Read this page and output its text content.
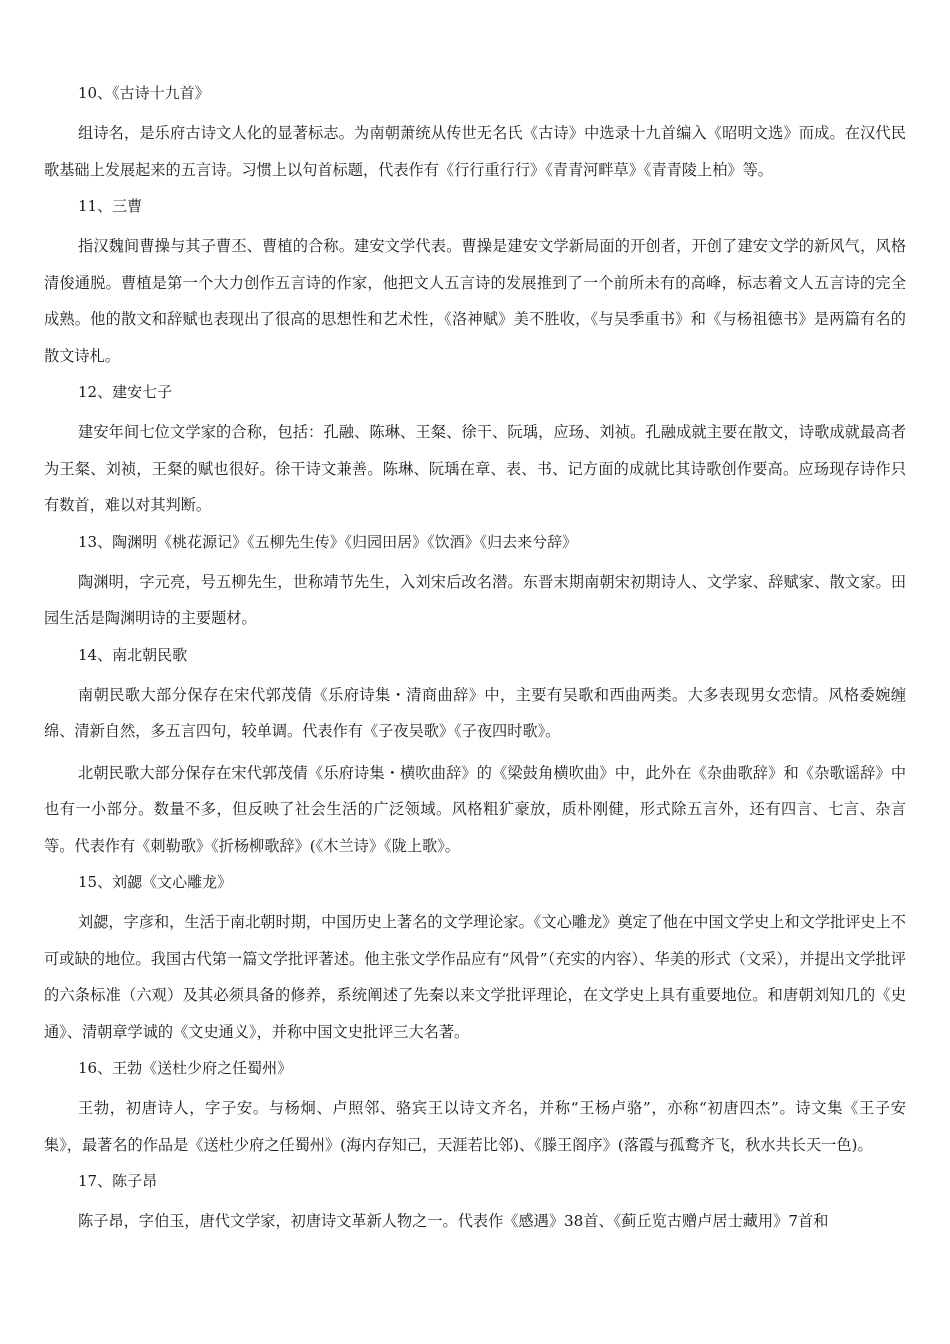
10、《古诗十九首》

组诗名，是乐府古诗文人化的显著标志。为南朝萧统从传世无名氏《古诗》中选录十九首编入《昭明文选》而成。在汉代民歌基础上发展起来的五言诗。习惯上以句首标题，代表作有《行行重行行》《青青河畔草》《青青陵上柏》等。

11、三曹

指汉魏间曹操与其子曹丕、曹植的合称。建安文学代表。曹操是建安文学新局面的开创者，开创了建安文学的新风气，风格清俊通脱。曹植是第一个大力创作五言诗的作家，他把文人五言诗的发展推到了一个前所未有的高峰，标志着文人五言诗的完全成熟。他的散文和辞赋也表现出了很高的思想性和艺术性，《洛神赋》美不胜收，《与吴季重书》和《与杨祖德书》是两篇有名的散文诗札。

12、建安七子

建安年间七位文学家的合称，包括：孔融、陈琳、王粲、徐干、阮瑀，应玚、刘祯。孔融成就主要在散文，诗歌成就最高者为王粲、刘祯，王粲的赋也很好。徐干诗文兼善。陈琳、阮瑀在章、表、书、记方面的成就比其诗歌创作要高。应玚现存诗作只有数首，难以对其判断。

13、陶渊明《桃花源记》《五柳先生传》《归园田居》《饮酒》《归去来兮辞》

陶渊明，字元亮，号五柳先生，世称靖节先生，入刘宋后改名潜。东晋末期南朝宋初期诗人、文学家、辞赋家、散文家。田园生活是陶渊明诗的主要题材。

14、南北朝民歌

南朝民歌大部分保存在宋代郭茂倩《乐府诗集・清商曲辞》中，主要有吴歌和西曲两类。大多表现男女恋情。风格委婉缠绵、清新自然，多五言四句，较单调。代表作有《子夜吴歌》《子夜四时歌》。

北朝民歌大部分保存在宋代郭茂倩《乐府诗集・横吹曲辞》的《梁鼓角横吹曲》中，此外在《杂曲歌辞》和《杂歌谣辞》中也有一小部分。数量不多，但反映了社会生活的广泛领域。风格粗犷豪放，质朴刚健，形式除五言外，还有四言、七言、杂言等。代表作有《刺勒歌》《折杨柳歌辞》(《木兰诗》《陇上歌》。

15、刘勰《文心雕龙》

刘勰，字彦和，生活于南北朝时期，中国历史上著名的文学理论家。《文心雕龙》奠定了他在中国文学史上和文学批评史上不可或缺的地位。我国古代第一篇文学批评著述。他主张文学作品应有“风骨”（充实的内容）、华美的形式（文采），并提出文学批评的六条标准（六观）及其必须具备的修养，系统阐述了先秦以来文学批评理论，在文学史上具有重要地位。和唐朝刘知几的《史通》、清朝章学诚的《文史通义》，并称中国文史批评三大名著。

16、王勃《送杜少府之任蜀州》

王勃，初唐诗人，字子安。与杨炯、卢照邻、骆宾王以诗文齐名，并称“王杨卢骆”，亦称“初唐四杰”。诗文集《王子安集》，最著名的作品是《送杜少府之任蜀州》(海内存知己，天涯若比邻)、《滕王阁序》(落霞与孤鹜齐飞，秋水共长天一色)。

17、陈子昂

陈子昂，字伯玉，唐代文学家，初唐诗文革新人物之一。代表作《感遇》38首、《蓟丘览古赠卢居士藏用》7首和
